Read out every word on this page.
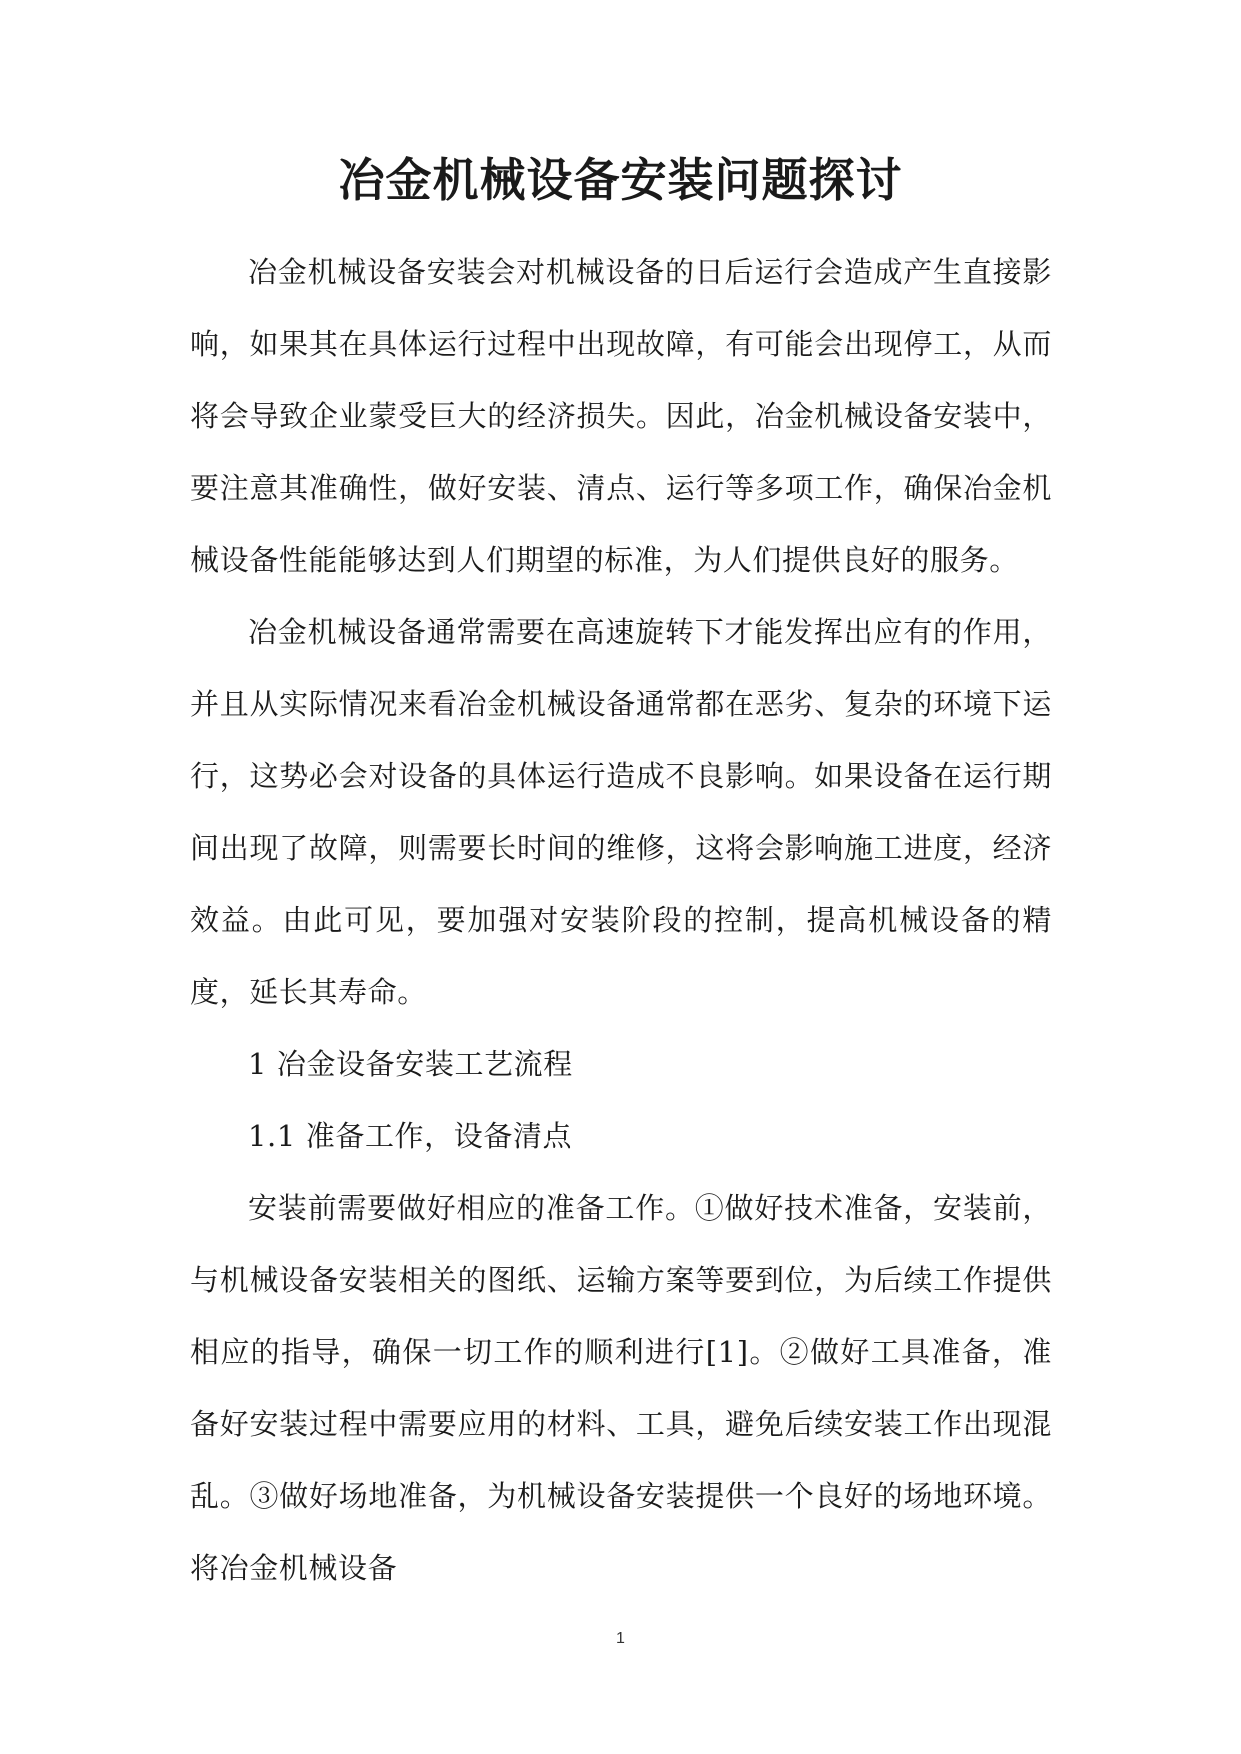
冶金机械设备安装问题探讨

冶金机械设备安装会对机械设备的日后运行会造成产生直接影响，如果其在具体运行过程中出现故障，有可能会出现停工，从而将会导致企业蒙受巨大的经济损失。因此，冶金机械设备安装中，要注意其准确性，做好安装、清点、运行等多项工作，确保冶金机械设备性能能够达到人们期望的标准，为人们提供良好的服务。

冶金机械设备通常需要在高速旋转下才能发挥出应有的作用，并且从实际情况来看冶金机械设备通常都在恶劣、复杂的环境下运行，这势必会对设备的具体运行造成不良影响。如果设备在运行期间出现了故障，则需要长时间的维修，这将会影响施工进度，经济效益。由此可见，要加强对安装阶段的控制，提高机械设备的精度，延长其寿命。

1 冶金设备安装工艺流程

1.1 准备工作，设备清点

安装前需要做好相应的准备工作。①做好技术准备，安装前，与机械设备安装相关的图纸、运输方案等要到位，为后续工作提供相应的指导，确保一切工作的顺利进行[1]。②做好工具准备，准备好安装过程中需要应用的材料、工具，避免后续安装工作出现混乱。③做好场地准备，为机械设备安装提供一个良好的场地环境。将冶金机械设备

1
